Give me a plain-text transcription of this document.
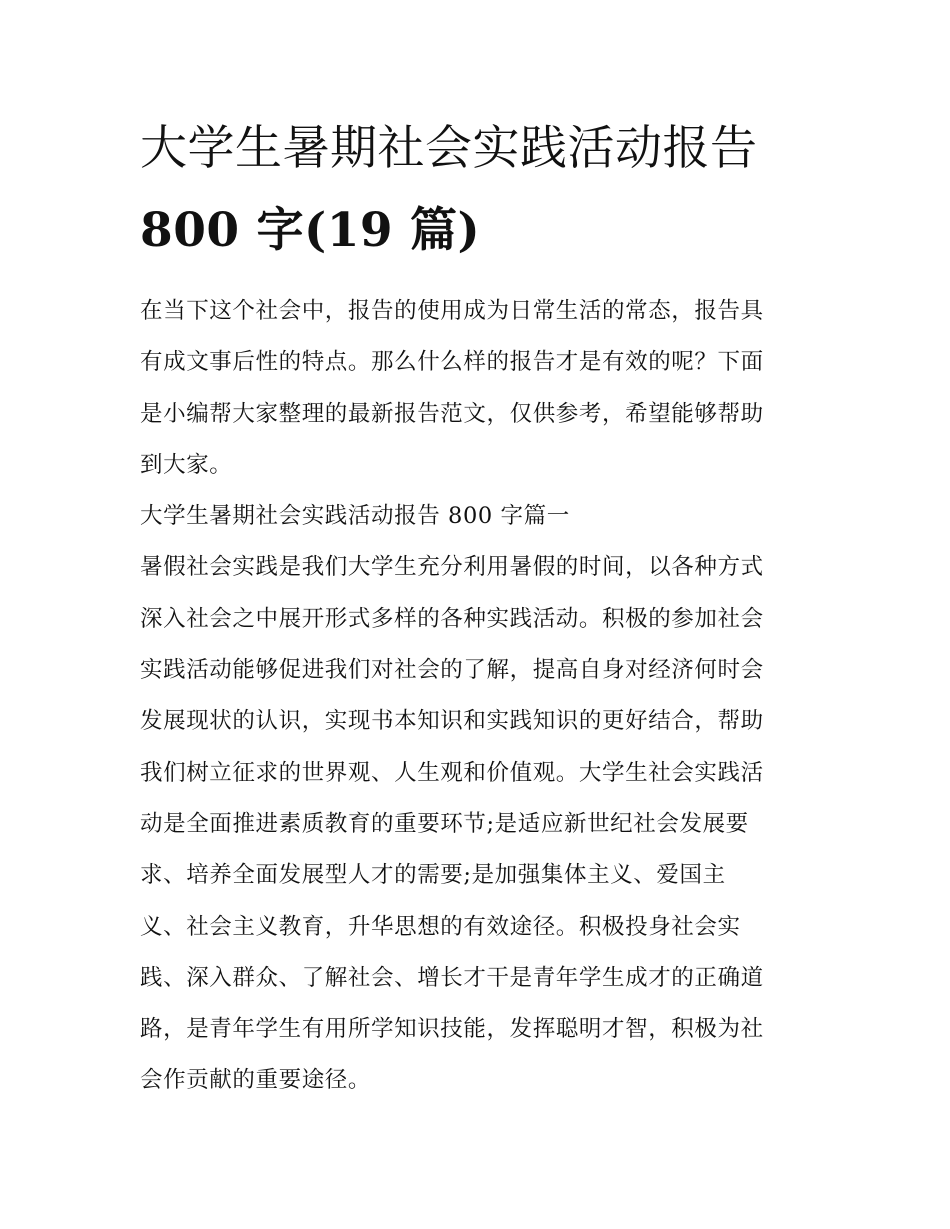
大学生暑期社会实践活动报告
800 字(19 篇)

在当下这个社会中，报告的使用成为日常生活的常态，报告具
有成文事后性的特点。那么什么样的报告才是有效的呢？下面
是小编帮大家整理的最新报告范文，仅供参考，希望能够帮助
到大家。

大学生暑期社会实践活动报告 800 字篇一

暑假社会实践是我们大学生充分利用暑假的时间，以各种方式
深入社会之中展开形式多样的各种实践活动。积极的参加社会
实践活动能够促进我们对社会的了解，提高自身对经济何时会
发展现状的认识，实现书本知识和实践知识的更好结合，帮助
我们树立征求的世界观、人生观和价值观。大学生社会实践活
动是全面推进素质教育的重要环节;是适应新世纪社会发展要
求、培养全面发展型人才的需要;是加强集体主义、爱国主
义、社会主义教育，升华思想的有效途径。积极投身社会实
践、深入群众、了解社会、增长才干是青年学生成才的正确道
路，是青年学生有用所学知识技能，发挥聪明才智，积极为社
会作贡献的重要途径。
